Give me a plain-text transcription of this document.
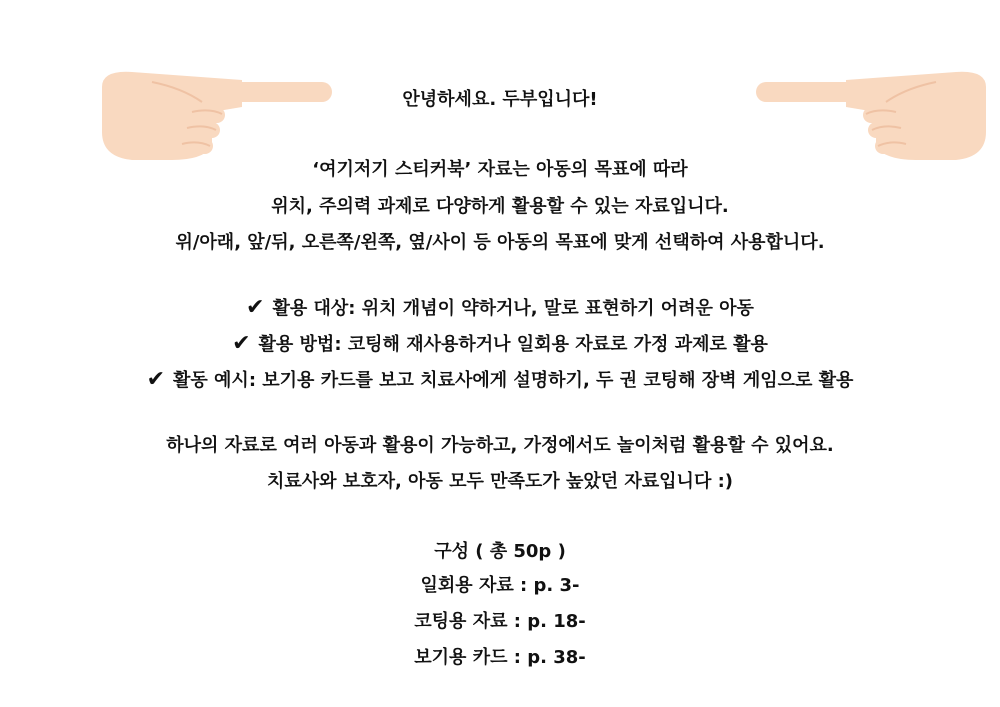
안녕하세요. 두부입니다!
‘여기저기 스티커북’ 자료는 아동의 목표에 따라
위치, 주의력 과제로 다양하게 활용할 수 있는 자료입니다.
위/아래, 앞/뒤, 오른쪽/왼쪽, 옆/사이 등 아동의 목표에 맞게 선택하여 사용합니다.
✔ 활용 대상: 위치 개념이 약하거나, 말로 표현하기 어려운 아동
✔ 활용 방법: 코팅해 재사용하거나 일회용 자료로 가정 과제로 활용
✔ 활동 예시: 보기용 카드를 보고 치료사에게 설명하기, 두 권 코팅해 장벽 게임으로 활용
하나의 자료로 여러 아동과 활용이 가능하고, 가정에서도 놀이처럼 활용할 수 있어요.
치료사와 보호자, 아동 모두 만족도가 높았던 자료입니다 :)
구성 ( 총 50p )
일회용 자료 : p. 3-
코팅용 자료 : p. 18-
보기용 카드 : p. 38-
